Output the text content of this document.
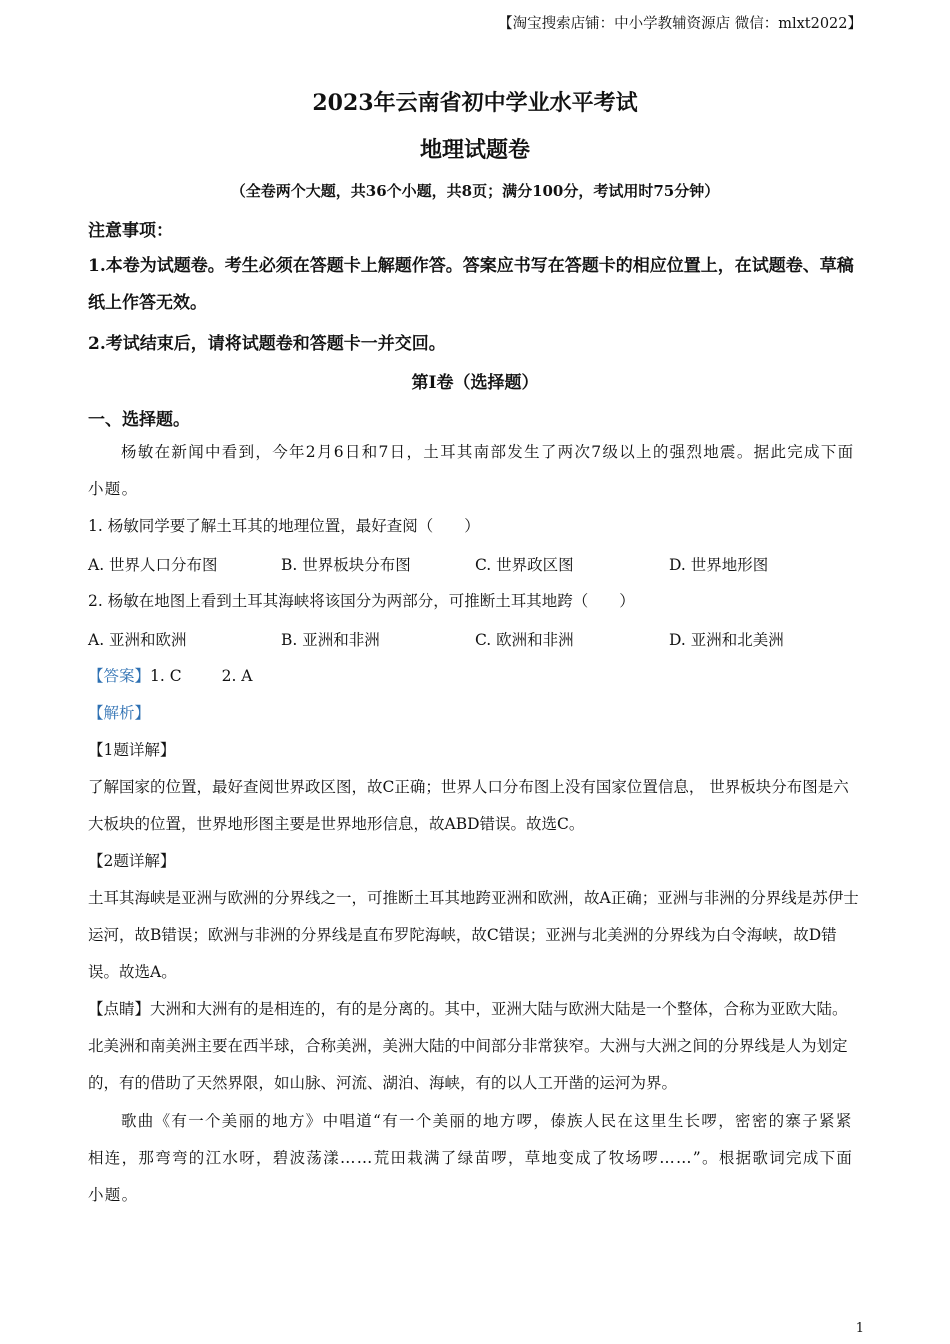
【淘宝搜索店铺：中小学教辅资源店 微信：mlxt2022】
2023年云南省初中学业水平考试
地理试题卷
（全卷两个大题，共36个小题，共8页；满分100分，考试用时75分钟）
注意事项：
1.本卷为试题卷。考生必须在答题卡上解题作答。答案应书写在答题卡的相应位置上，在试题卷、草稿纸上作答无效。
2.考试结束后，请将试题卷和答题卡一并交回。
第Ⅰ卷（选择题）
一、选择题。
杨敏在新闻中看到，今年2月6日和7日，土耳其南部发生了两次7级以上的强烈地震。据此完成下面小题。
1. 杨敏同学要了解土耳其的地理位置，最好查阅（　　）
A. 世界人口分布图	B. 世界板块分布图	C. 世界政区图	D. 世界地形图
2. 杨敏在地图上看到土耳其海峡将该国分为两部分，可推断土耳其地跨（　　）
A. 亚洲和欧洲	B. 亚洲和非洲	C. 欧洲和非洲	D. 亚洲和北美洲
【答案】1. C	2. A
【解析】
【1题详解】
了解国家的位置，最好查阅世界政区图，故C正确；世界人口分布图上没有国家位置信息， 世界板块分布图是六大板块的位置，世界地形图主要是世界地形信息，故ABD错误。故选C。
【2题详解】
土耳其海峡是亚洲与欧洲的分界线之一，可推断土耳其地跨亚洲和欧洲，故A正确；亚洲与非洲的分界线是苏伊士运河，故B错误；欧洲与非洲的分界线是直布罗陀海峡，故C错误；亚洲与北美洲的分界线为白令海峡，故D错误。故选A。
【点睛】大洲和大洲有的是相连的，有的是分离的。其中，亚洲大陆与欧洲大陆是一个整体，合称为亚欧大陆。北美洲和南美洲主要在西半球，合称美洲，美洲大陆的中间部分非常狭窄。大洲与大洲之间的分界线是人为划定的，有的借助了天然界限，如山脉、河流、湖泊、海峡，有的以人工开凿的运河为界。
歌曲《有一个美丽的地方》中唱道“有一个美丽的地方啰，傣族人民在这里生长啰，密密的寨子紧紧相连，那弯弯的江水呀，碧波荡漾……荒田栽满了绿苗啰，草地变成了牧场啰……”。根据歌词完成下面小题。
1
